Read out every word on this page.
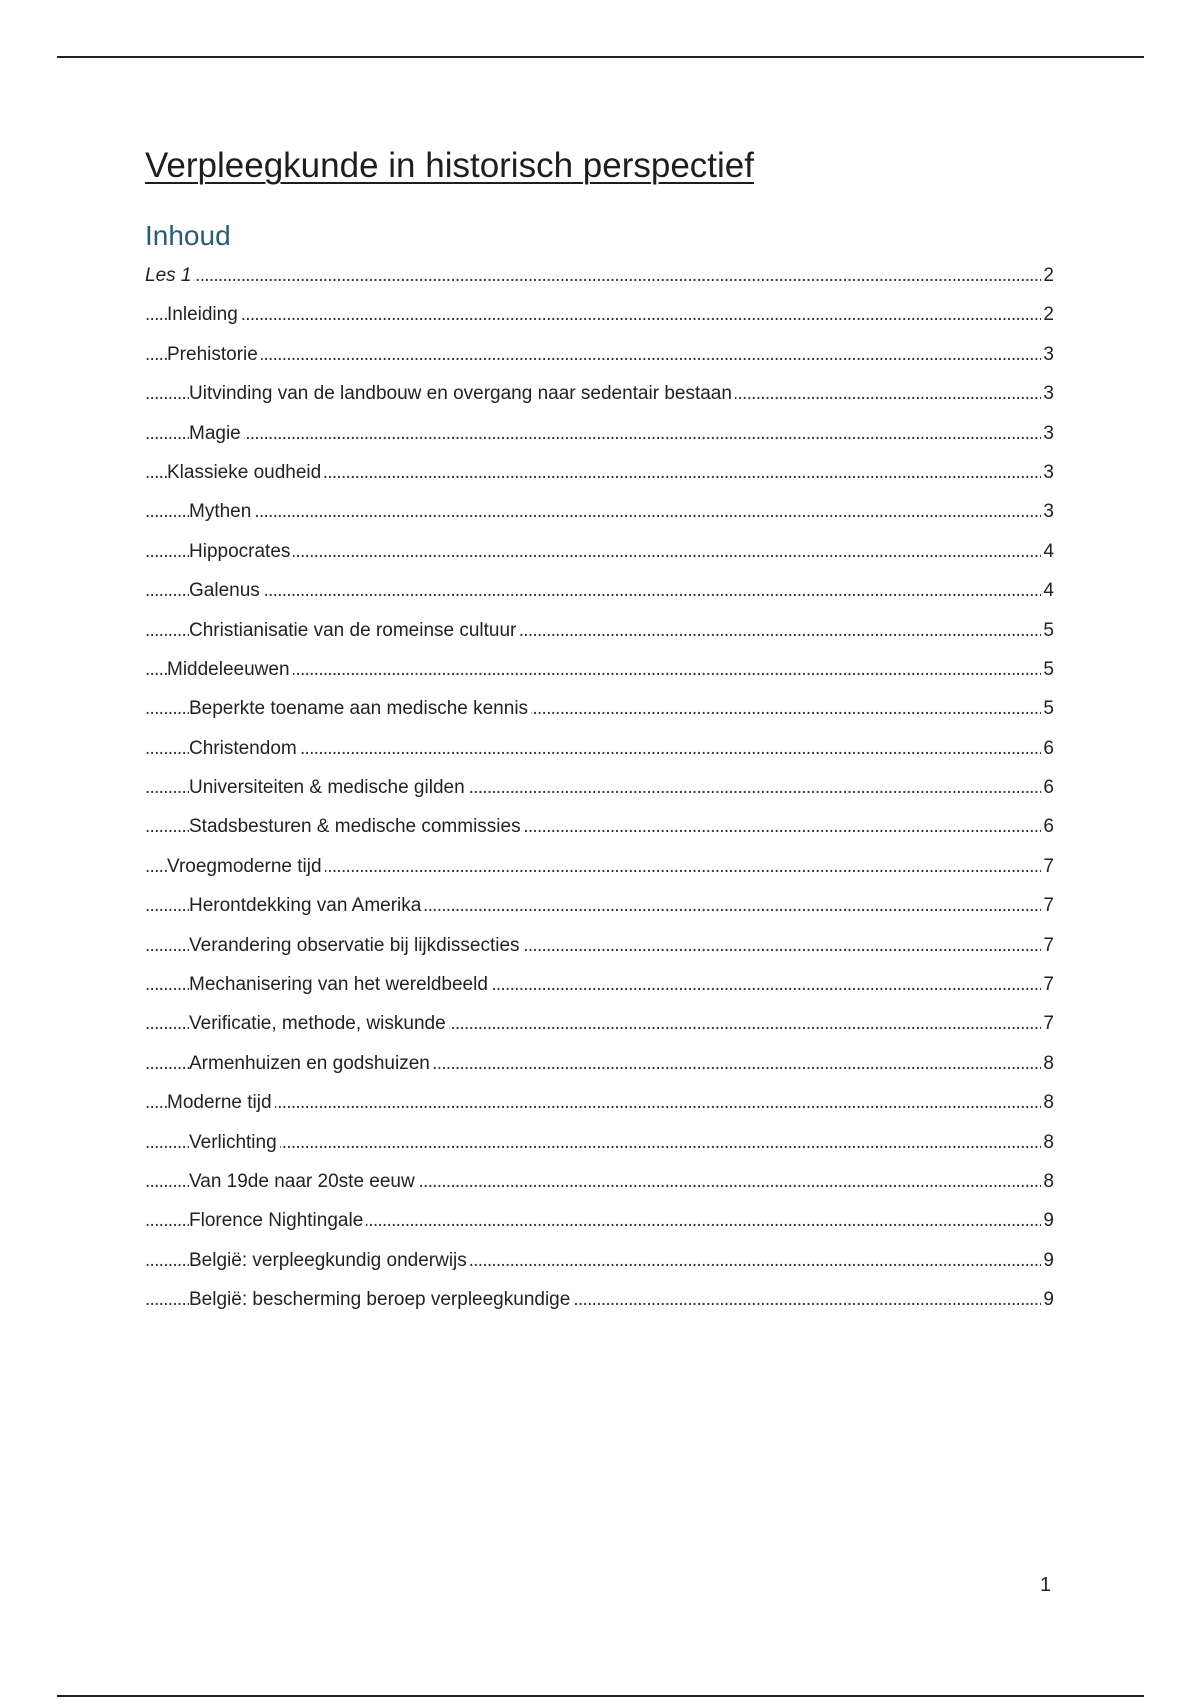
Verpleegkunde in historisch perspectief
Inhoud
Les 1	2
. . .
Inleiding	2
. . .
Prehistorie	3
. . .
Uitvinding van de landbouw en overgang naar sedentair bestaan	3
. . .
Magie	3
. . .
Klassieke oudheid	3
. . .
Mythen	3
. . .
Hippocrates	4
. . .
Galenus	4
. . .
Christianisatie van de romeinse cultuur	5
. . .
Middeleeuwen	5
. . .
Beperkte toename aan medische kennis	5
. . .
Christendom	6
. . .
Universiteiten & medische gilden	6
. . .
Stadsbesturen & medische commissies	6
. . .
Vroegmoderne tijd	7
. . .
Herontdekking van Amerika	7
. . .
Verandering observatie bij lijkdissecties	7
. . .
Mechanisering van het wereldbeeld	7
. . .
Verificatie, methode, wiskunde	7
. . .
Armenhuizen en godshuizen	8
. . .
Moderne tijd	8
. . .
Verlichting	8
. . .
Van 19de naar 20ste eeuw	8
. . .
Florence Nightingale	9
. . .
België: verpleegkundig onderwijs	9
. . .
België: bescherming beroep verpleegkundige	9
. . .
1
